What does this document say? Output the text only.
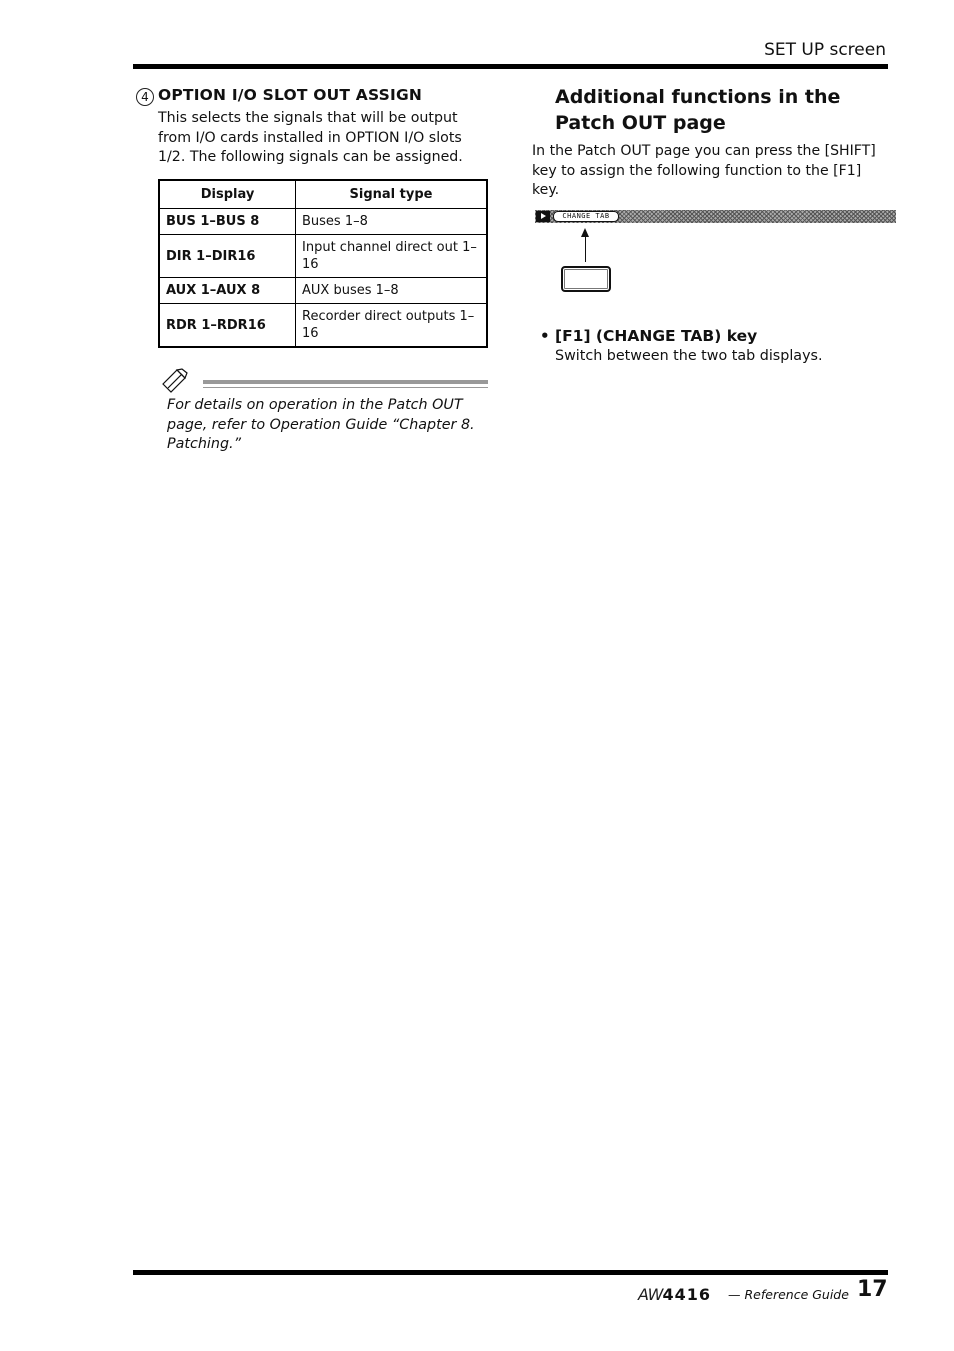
SET UP screen
4 OPTION I/O SLOT OUT ASSIGN
This selects the signals that will be output from I/O cards installed in OPTION I/O slots 1/2. The following signals can be assigned.
Display	Signal type
BUS 1–BUS 8	Buses 1–8
DIR 1–DIR16	Input channel direct out 1–16
AUX 1–AUX 8	AUX buses 1–8
RDR 1–RDR16	Recorder direct outputs 1–16
For details on operation in the Patch OUT page, refer to Operation Guide “Chapter 8. Patching.”
Additional functions in the Patch OUT page
In the Patch OUT page you can press the [SHIFT] key to assign the following function to the [F1] key.
CHANGE TAB
• [F1] (CHANGE TAB) key
Switch between the two tab displays.
AW4416 — Reference Guide 17
